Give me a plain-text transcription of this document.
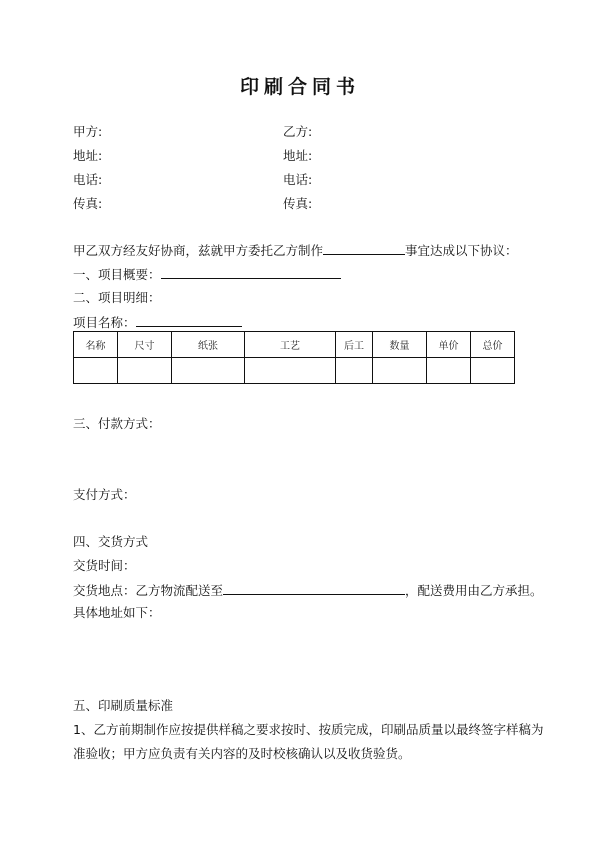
印刷合同书
甲方:	乙方:
地址:	地址:
电话:	电话:
传真:	传真:
甲乙双方经友好协商，兹就甲方委托乙方制作	事宜达成以下协议：
一、项目概要：
二、项目明细：
项目名称：
名称	尺寸	纸张	工艺	后工	数量	单价	总价

三、付款方式：
支付方式：
四、交货方式
交货时间：
交货地点：乙方物流配送至	，配送费用由乙方承担。
具体地址如下：
五、印刷质量标准
1、乙方前期制作应按提供样稿之要求按时、按质完成，印刷品质量以最终签字样稿为
准验收；甲方应负责有关内容的及时校核确认以及收货验货。
